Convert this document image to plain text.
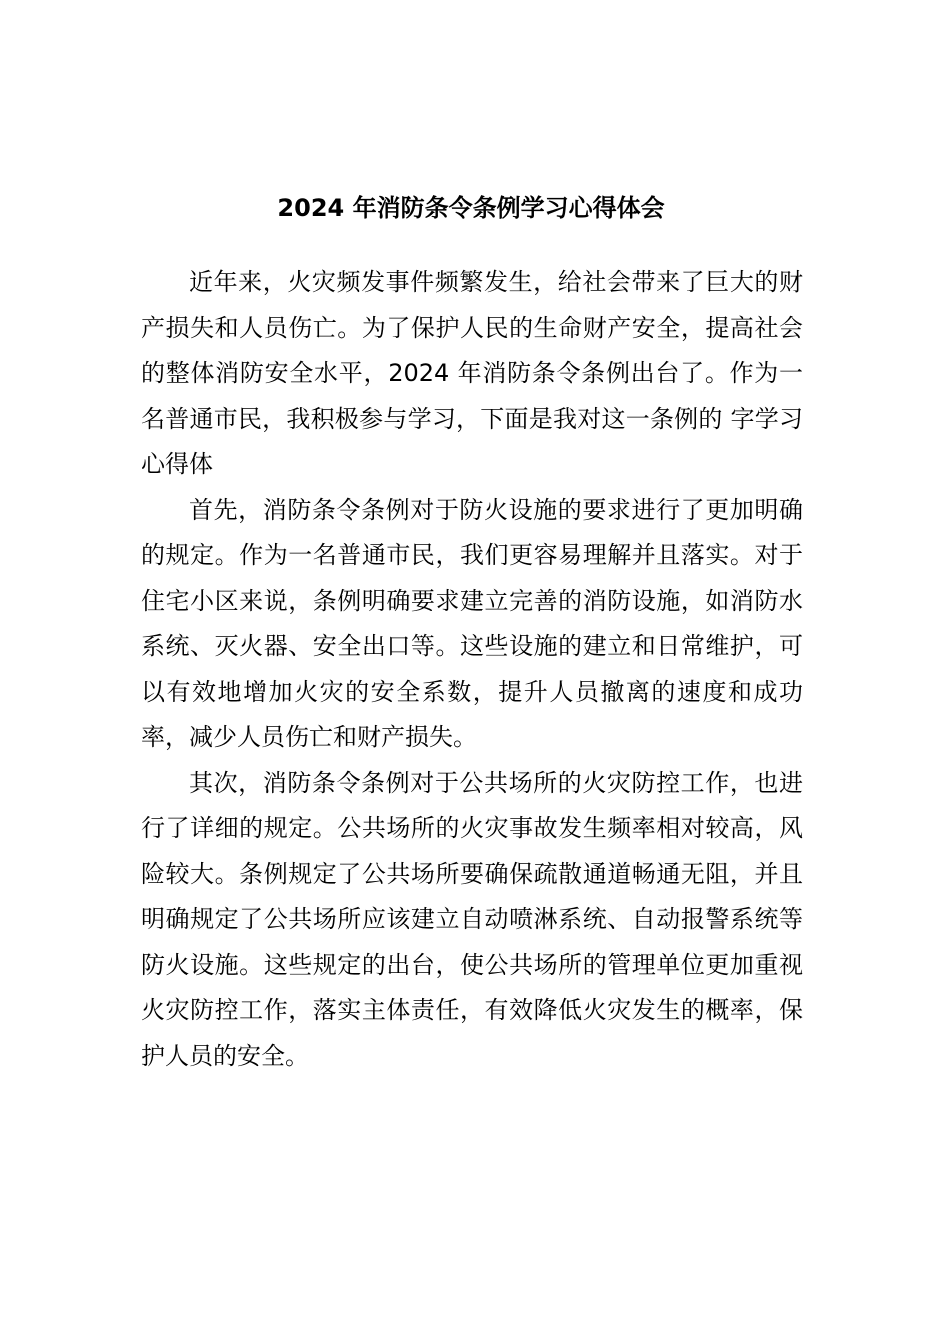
2024 年消防条令条例学习心得体会

近年来，火灾频发事件频繁发生，给社会带来了巨大的财产损失和人员伤亡。为了保护人民的生命财产安全，提高社会的整体消防安全水平，2024 年消防条令条例出台了。作为一名普通市民，我积极参与学习，下面是我对这一条例的 字学习心得体

首先，消防条令条例对于防火设施的要求进行了更加明确的规定。作为一名普通市民，我们更容易理解并且落实。对于住宅小区来说，条例明确要求建立完善的消防设施，如消防水系统、灭火器、安全出口等。这些设施的建立和日常维护，可以有效地增加火灾的安全系数，提升人员撤离的速度和成功率，减少人员伤亡和财产损失。

其次，消防条令条例对于公共场所的火灾防控工作，也进行了详细的规定。公共场所的火灾事故发生频率相对较高，风险较大。条例规定了公共场所要确保疏散通道畅通无阻，并且明确规定了公共场所应该建立自动喷淋系统、自动报警系统等防火设施。这些规定的出台，使公共场所的管理单位更加重视火灾防控工作，落实主体责任，有效降低火灾发生的概率，保护人员的安全。
